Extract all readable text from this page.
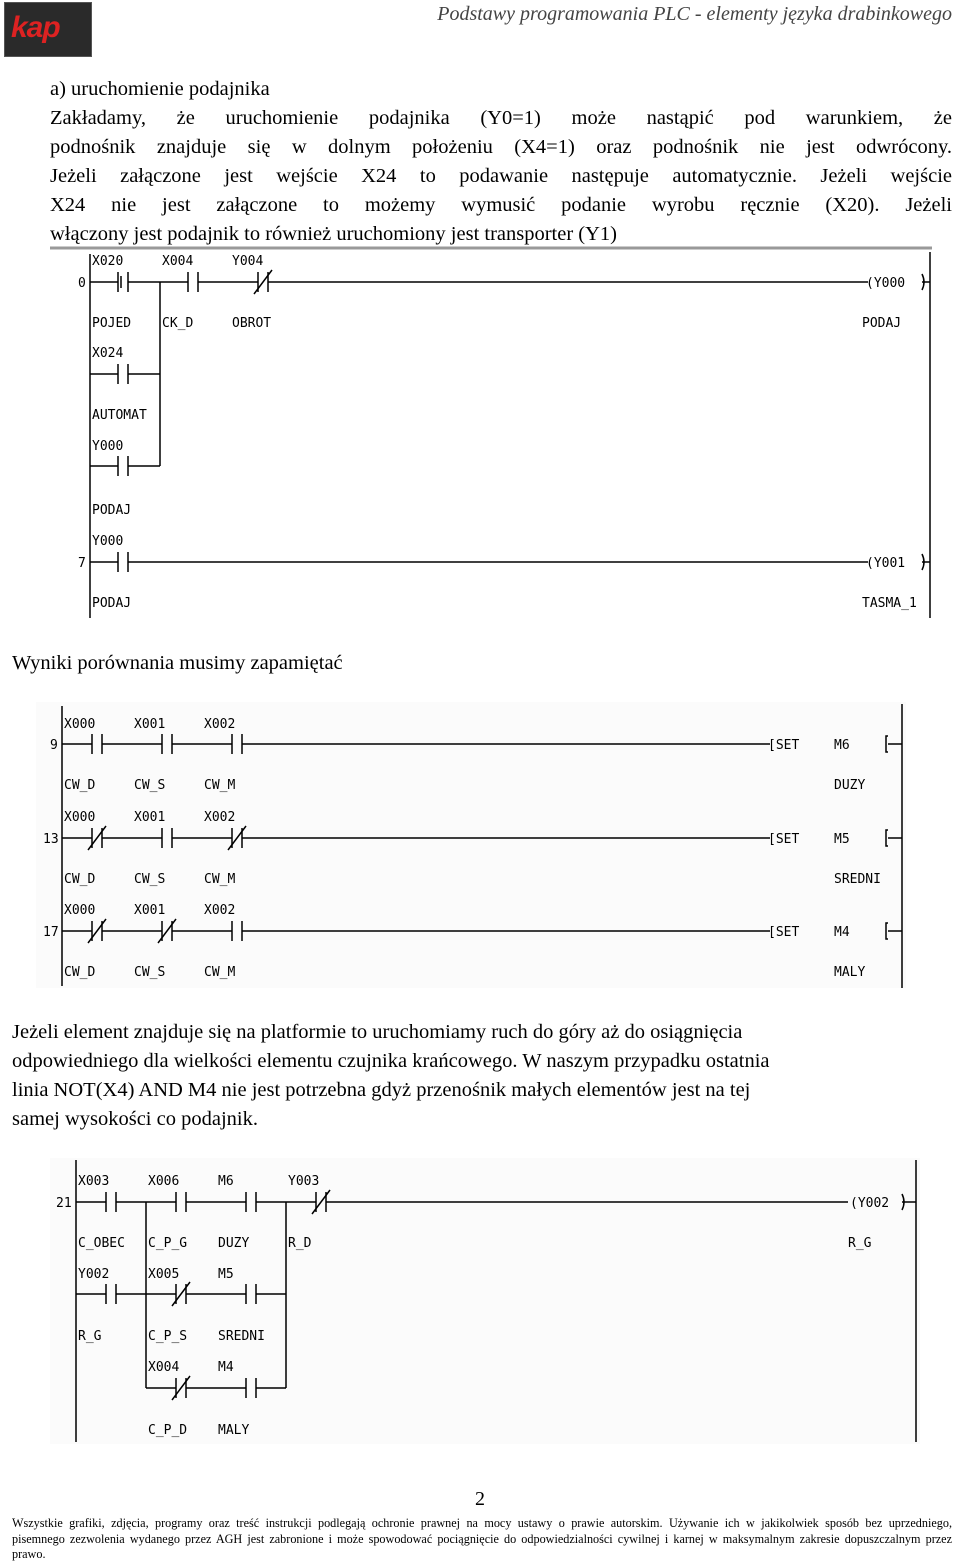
kap	Podstawy programowania PLC - elementy języka drabinkowego
a) uruchomienie podajnika
Zakładamy, że uruchomienie podajnika (Y0=1) może nastąpić pod warunkiem, że
podnośnik znajduje się w dolnym położeniu (X4=1) oraz podnośnik nie jest odwrócony.
Jeżeli załączone jest wejście X24 to podawanie następuje automatycznie. Jeżeli wejście
X24 nie jest załączone to możemy wymusić podanie wyrobu ręcznie (X20). Jeżeli
włączony jest podajnik to również uruchomiony jest transporter (Y1)
0
7
X020
POJED
X004
CK_D
Y004
OBROT
X024
AUTOMAT
Y000
PODAJ
Y000
PODAJ
(Y000
PODAJ
(Y001
TASMA_1
Wyniki porównania musimy zapamiętać
9
X000	X001	X002
CW_D	CW_S	CW_M
[SET	M6
DUZY
13
X000	X001	X002
CW_D	CW_S	CW_M
[SET	M5
SREDNI
17
X000	X001	X002
CW_D	CW_S	CW_M
[SET	M4
MALY
Jeżeli element znajduje się na platformie to uruchomiamy ruch do góry aż do osiągnięcia
odpowiedniego dla wielkości elementu czujnika krańcowego. W naszym przypadku ostatnia
linia NOT(X4) AND M4 nie jest potrzebna gdyż przenośnik małych elementów jest na tej
samej wysokości co podajnik.
21
X003
C_OBEC
X006
C_P_G
M6
DUZY
Y003
R_D
Y002
R_G
X005
C_P_S
M5
SREDNI
X004
C_P_D
M4
MALY
(Y002
R_G
2
Wszystkie grafiki, zdjęcia, programy oraz treść instrukcji podlegają ochronie prawnej na mocy ustawy o prawie autorskim. Używanie ich w jakikolwiek sposób bez uprzedniego,
pisemnego zezwolenia wydanego przez AGH jest zabronione i może spowodować pociągnięcie do odpowiedzialności cywilnej i karnej w maksymalnym zakresie dopuszczalnym przez
prawo.
